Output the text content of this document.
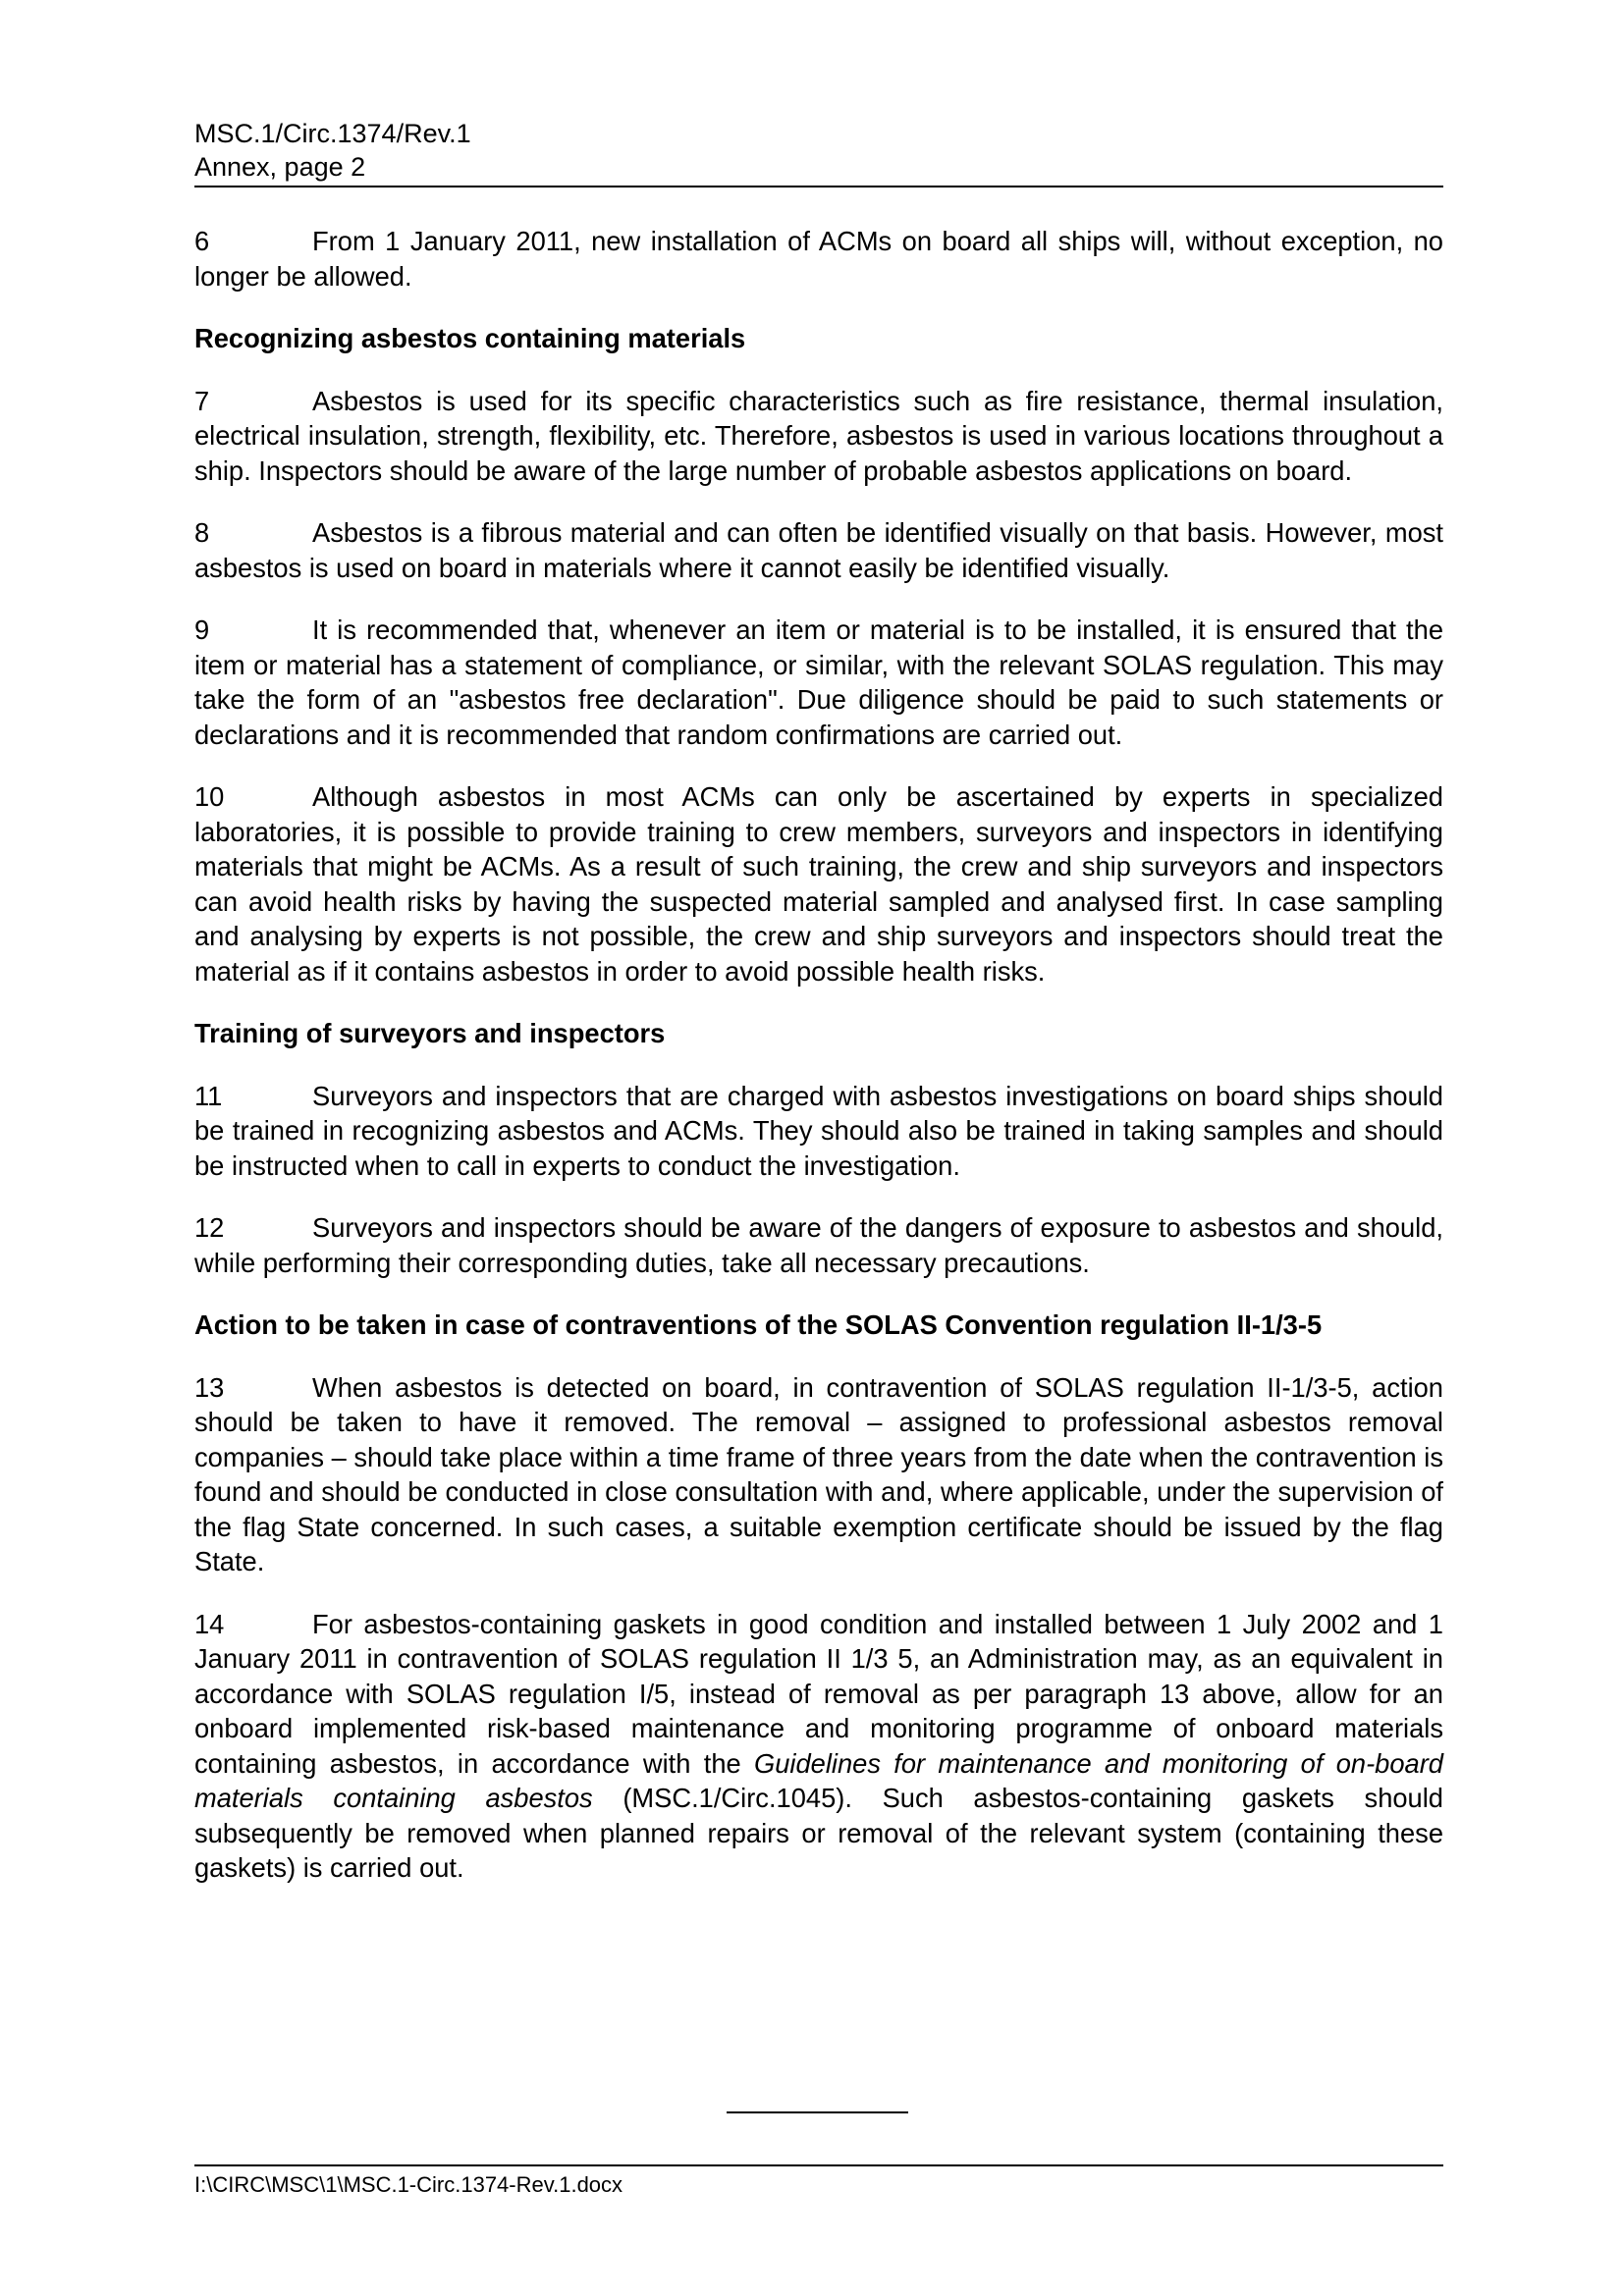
MSC.1/Circ.1374/Rev.1
Annex, page 2

6	From 1 January 2011, new installation of ACMs on board all ships will, without exception, no longer be allowed.

Recognizing asbestos containing materials

7	Asbestos is used for its specific characteristics such as fire resistance, thermal insulation, electrical insulation, strength, flexibility, etc. Therefore, asbestos is used in various locations throughout a ship. Inspectors should be aware of the large number of probable asbestos applications on board.

8	Asbestos is a fibrous material and can often be identified visually on that basis. However, most asbestos is used on board in materials where it cannot easily be identified visually.

9	It is recommended that, whenever an item or material is to be installed, it is ensured that the item or material has a statement of compliance, or similar, with the relevant SOLAS regulation. This may take the form of an "asbestos free declaration". Due diligence should be paid to such statements or declarations and it is recommended that random confirmations are carried out.

10	Although asbestos in most ACMs can only be ascertained by experts in specialized laboratories, it is possible to provide training to crew members, surveyors and inspectors in identifying materials that might be ACMs. As a result of such training, the crew and ship surveyors and inspectors can avoid health risks by having the suspected material sampled and analysed first. In case sampling and analysing by experts is not possible, the crew and ship surveyors and inspectors should treat the material as if it contains asbestos in order to avoid possible health risks.

Training of surveyors and inspectors

11	Surveyors and inspectors that are charged with asbestos investigations on board ships should be trained in recognizing asbestos and ACMs. They should also be trained in taking samples and should be instructed when to call in experts to conduct the investigation.

12	Surveyors and inspectors should be aware of the dangers of exposure to asbestos and should, while performing their corresponding duties, take all necessary precautions.

Action to be taken in case of contraventions of the SOLAS Convention regulation II-1/3-5

13	When asbestos is detected on board, in contravention of SOLAS regulation II-1/3-5, action should be taken to have it removed. The removal – assigned to professional asbestos removal companies – should take place within a time frame of three years from the date when the contravention is found and should be conducted in close consultation with and, where applicable, under the supervision of the flag State concerned. In such cases, a suitable exemption certificate should be issued by the flag State.

14	For asbestos-containing gaskets in good condition and installed between 1 July 2002 and 1 January 2011 in contravention of SOLAS regulation II 1/3 5, an Administration may, as an equivalent in accordance with SOLAS regulation I/5, instead of removal as per paragraph 13 above, allow for an onboard implemented risk-based maintenance and monitoring programme of onboard materials containing asbestos, in accordance with the Guidelines for maintenance and monitoring of on-board materials containing asbestos (MSC.1/Circ.1045). Such asbestos-containing gaskets should subsequently be removed when planned repairs or removal of the relevant system (containing these gaskets) is carried out.

I:\CIRC\MSC\1\MSC.1-Circ.1374-Rev.1.docx
